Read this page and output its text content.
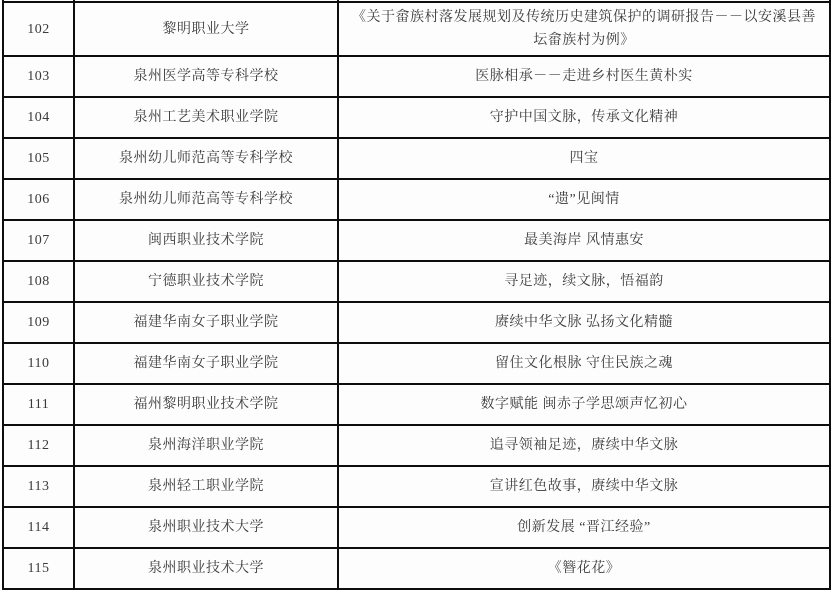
102	黎明职业大学	《关于畲族村落发展规划及传统历史建筑保护的调研报告－－以安溪县善坛畲族村为例》
103	泉州医学高等专科学校	医脉相承－－走进乡村医生黄朴实
104	泉州工艺美术职业学院	守护中国文脉，传承文化精神
105	泉州幼儿师范高等专科学校	四宝
106	泉州幼儿师范高等专科学校	“遗”见闽情
107	闽西职业技术学院	最美海岸 风情惠安
108	宁德职业技术学院	寻足迹，续文脉，悟福韵
109	福建华南女子职业学院	赓续中华文脉 弘扬文化精髓
110	福建华南女子职业学院	留住文化根脉 守住民族之魂
111	福州黎明职业技术学院	数字赋能 闽赤子学思颂声忆初心
112	泉州海洋职业学院	追寻领袖足迹，赓续中华文脉
113	泉州轻工职业学院	宣讲红色故事，赓续中华文脉
114	泉州职业技术大学	创新发展 “晋江经验”
115	泉州职业技术大学	《簪花花》
